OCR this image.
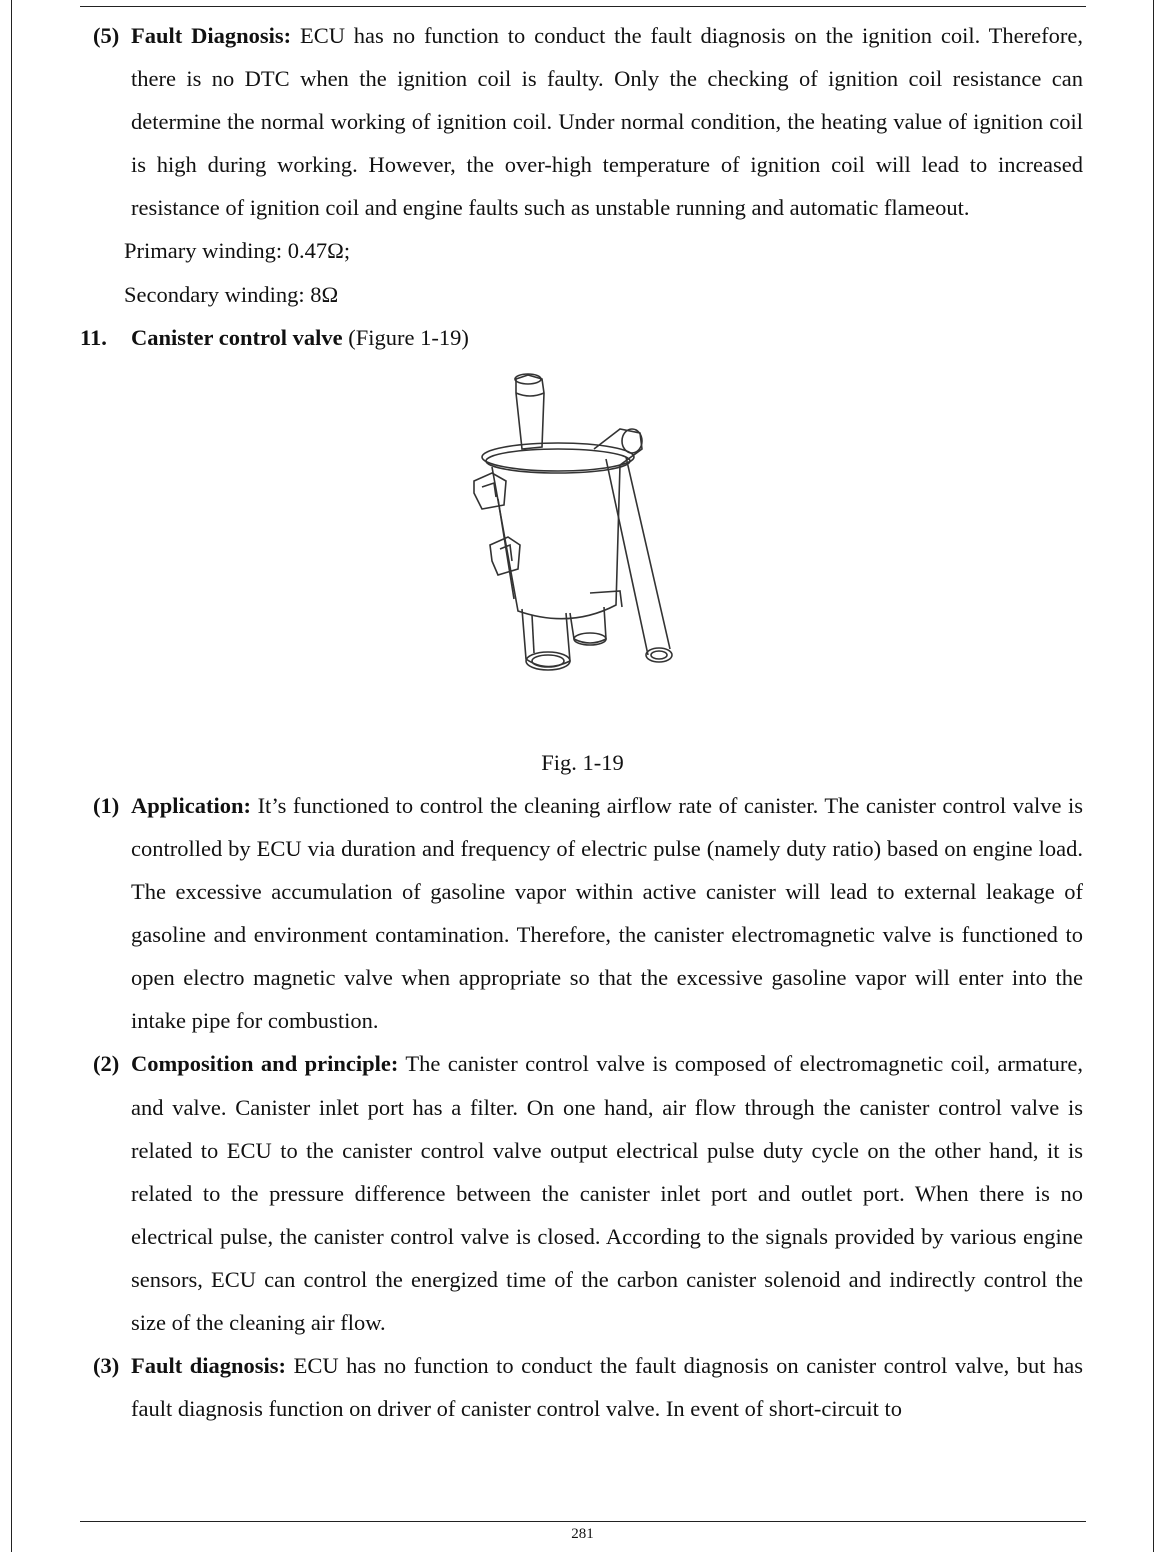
(5) Fault Diagnosis: ECU has no function to conduct the fault diagnosis on the ignition coil. Therefore, there is no DTC when the ignition coil is faulty. Only the checking of ignition coil resistance can determine the normal working of ignition coil. Under normal condition, the heating value of ignition coil is high during working. However, the over-high temperature of ignition coil will lead to increased resistance of ignition coil and engine faults such as unstable running and automatic flameout.
Primary winding: 0.47Ω;
Secondary winding: 8Ω
11. Canister control valve (Figure 1-19)
Fig. 1-19
(1) Application: It’s functioned to control the cleaning airflow rate of canister. The canister control valve is controlled by ECU via duration and frequency of electric pulse (namely duty ratio) based on engine load. The excessive accumulation of gasoline vapor within active canister will lead to external leakage of gasoline and environment contamination. Therefore, the canister electromagnetic valve is functioned to open electro magnetic valve when appropriate so that the excessive gasoline vapor will enter into the intake pipe for combustion.
(2) Composition and principle: The canister control valve is composed of electromagnetic coil, armature, and valve. Canister inlet port has a filter. On one hand, air flow through the canister control valve is related to ECU to the canister control valve output electrical pulse duty cycle on the other hand, it is related to the pressure difference between the canister inlet port and outlet port. When there is no electrical pulse, the canister control valve is closed. According to the signals provided by various engine sensors, ECU can control the energized time of the carbon canister solenoid and indirectly control the size of the cleaning air flow.
(3) Fault diagnosis: ECU has no function to conduct the fault diagnosis on canister control valve, but has fault diagnosis function on driver of canister control valve. In event of short-circuit to
281
